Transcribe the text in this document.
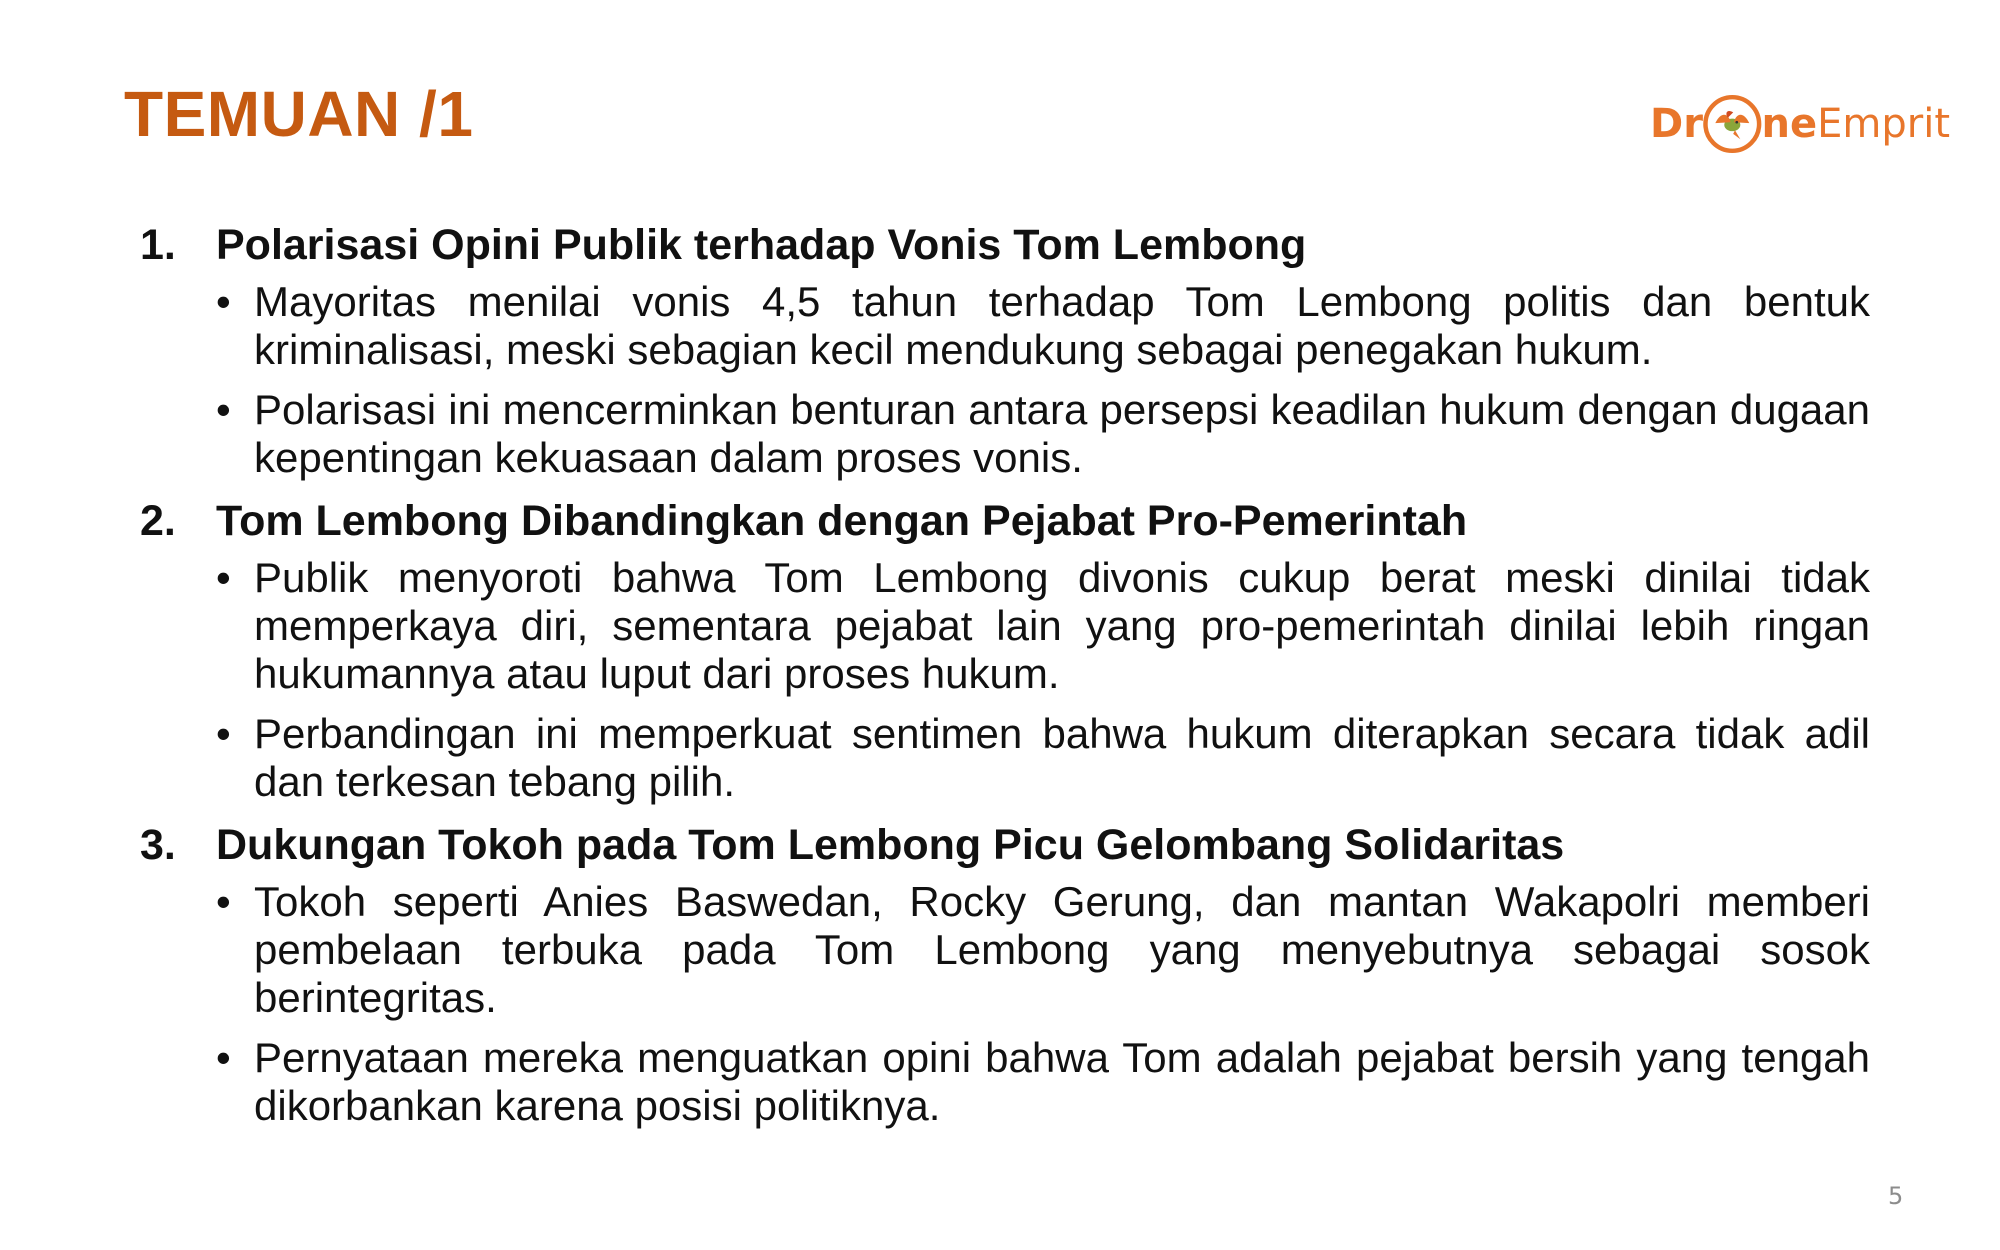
TEMUAN /1	Dr ne Emprit
1. Polarisasi Opini Publik terhadap Vonis Tom Lembong
• Mayoritas menilai vonis 4,5 tahun terhadap Tom Lembong politis dan bentuk kriminalisasi, meski sebagian kecil mendukung sebagai penegakan hukum.
• Polarisasi ini mencerminkan benturan antara persepsi keadilan hukum dengan dugaan kepentingan kekuasaan dalam proses vonis.
2. Tom Lembong Dibandingkan dengan Pejabat Pro-Pemerintah
• Publik menyoroti bahwa Tom Lembong divonis cukup berat meski dinilai tidak memperkaya diri, sementara pejabat lain yang pro-pemerintah dinilai lebih ringan hukumannya atau luput dari proses hukum.
• Perbandingan ini memperkuat sentimen bahwa hukum diterapkan secara tidak adil dan terkesan tebang pilih.
3. Dukungan Tokoh pada Tom Lembong Picu Gelombang Solidaritas
• Tokoh seperti Anies Baswedan, Rocky Gerung, dan mantan Wakapolri memberi pembelaan terbuka pada Tom Lembong yang menyebutnya sebagai sosok berintegritas.
• Pernyataan mereka menguatkan opini bahwa Tom adalah pejabat bersih yang tengah dikorbankan karena posisi politiknya.
5
